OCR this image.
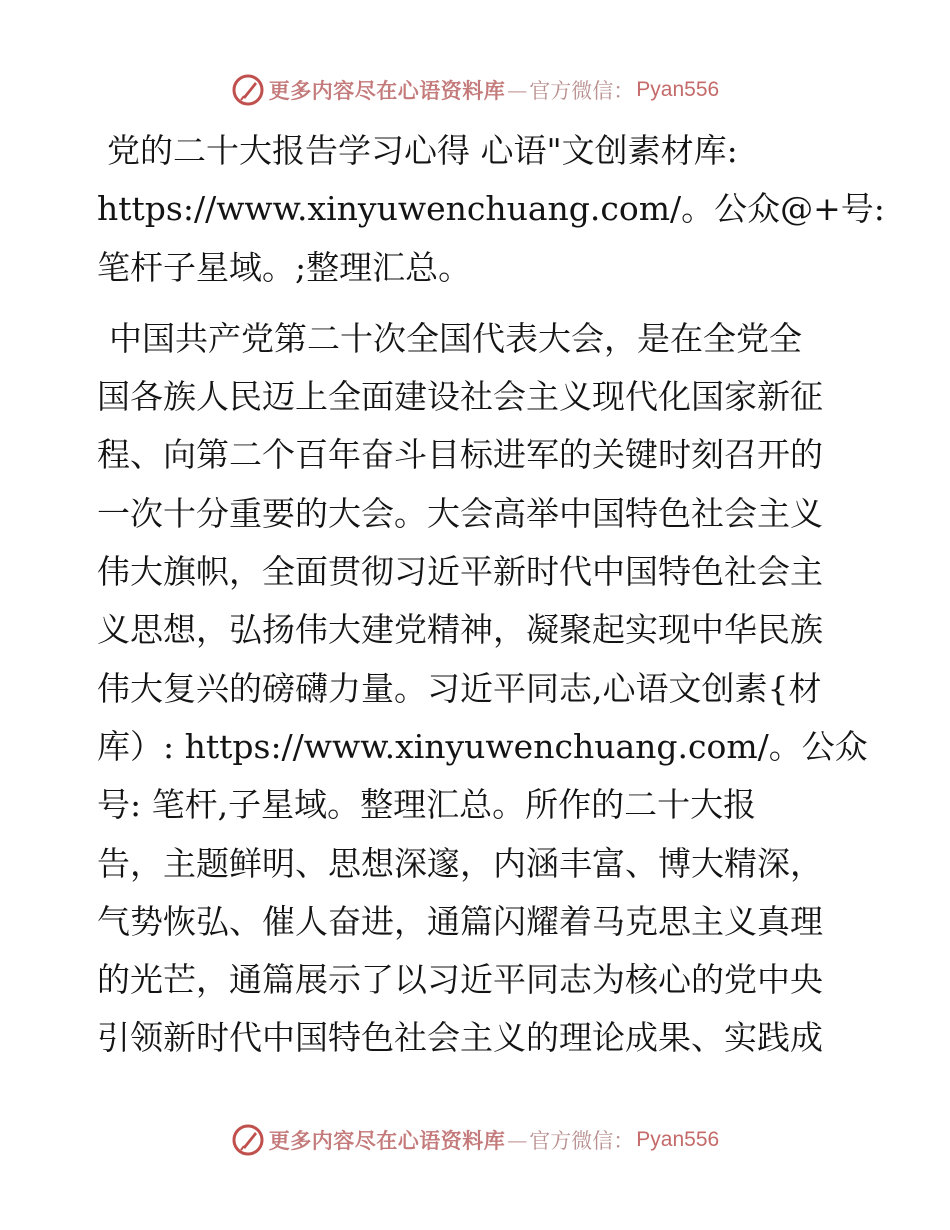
更多内容尽在心语资料库 — 官方微信： Pyan556

党的二十大报告学习心得 心语"文创素材库:
https://www.xinyuwenchuang.com/。公众@+号:
笔杆子星域。;整理汇总。

中国共产党第二十次全国代表大会，是在全党全
国各族人民迈上全面建设社会主义现代化国家新征
程、向第二个百年奋斗目标进军的关键时刻召开的
一次十分重要的大会。大会高举中国特色社会主义
伟大旗帜，全面贯彻习近平新时代中国特色社会主
义思想，弘扬伟大建党精神，凝聚起实现中华民族
伟大复兴的磅礴力量。习近平同志,心语文创素{材
库）: https://www.xinyuwenchuang.com/。公众
号: 笔杆,子星域。整理汇总。所作的二十大报
告，主题鲜明、思想深邃，内涵丰富、博大精深，
气势恢弘、催人奋进，通篇闪耀着马克思主义真理
的光芒，通篇展示了以习近平同志为核心的党中央
引领新时代中国特色社会主义的理论成果、实践成

更多内容尽在心语资料库 — 官方微信： Pyan556
